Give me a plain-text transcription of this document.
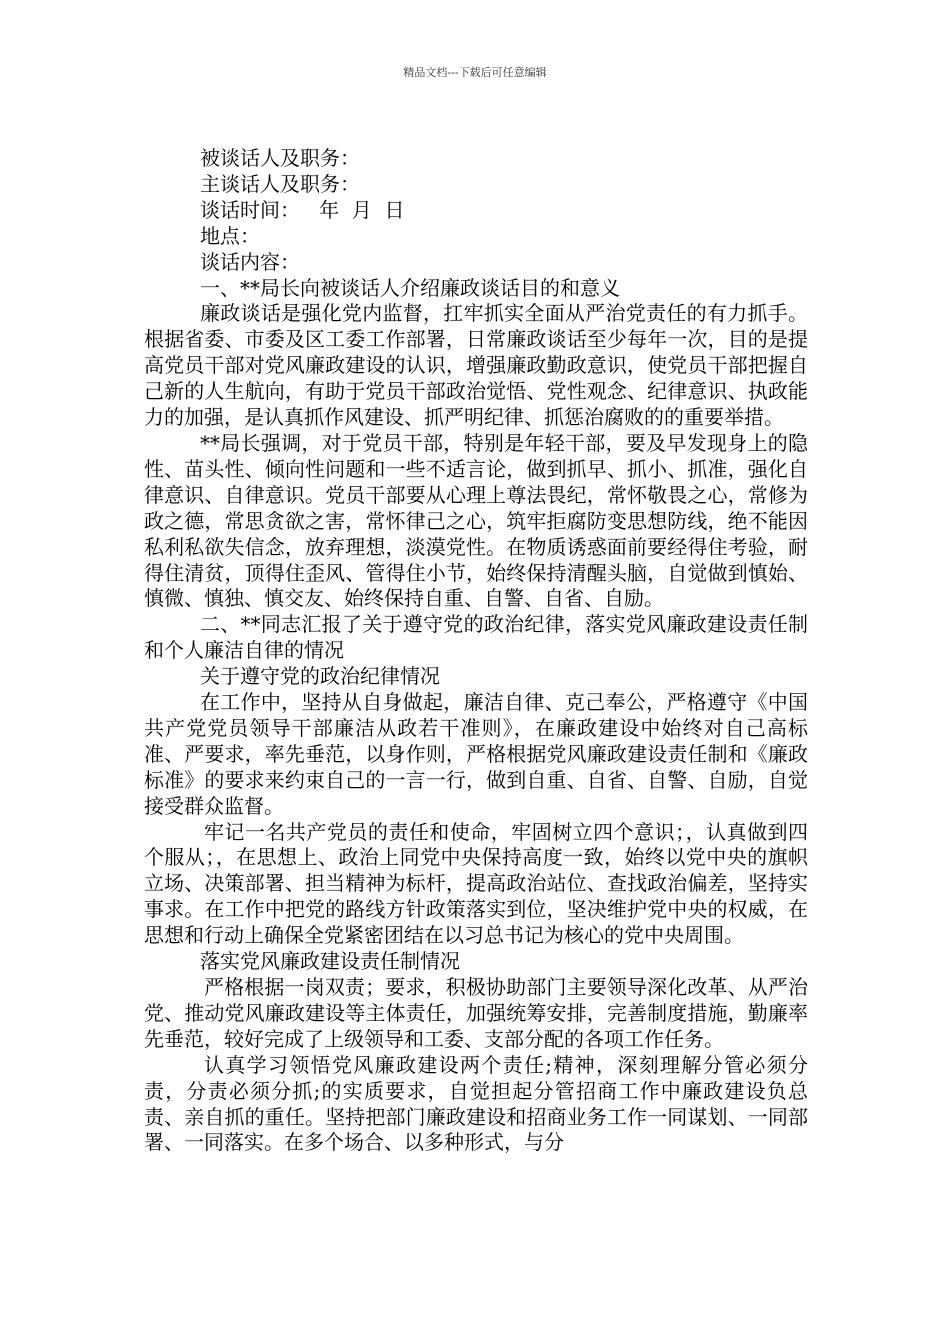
精品文档---下载后可任意编辑

被谈话人及职务：

主谈话人及职务：

谈话时间：   年  月  日

地点：

谈话内容：

一、**局长向被谈话人介绍廉政谈话目的和意义

廉政谈话是强化党内监督，扛牢抓实全面从严治党责任的有力抓手。根据省委、市委及区工委工作部署，日常廉政谈话至少每年一次，目的是提高党员干部对党风廉政建设的认识，增强廉政勤政意识，使党员干部把握自己新的人生航向，有助于党员干部政治觉悟、党性观念、纪律意识、执政能力的加强，是认真抓作风建设、抓严明纪律、抓惩治腐败的的重要举措。

**局长强调，对于党员干部，特别是年轻干部，要及早发现身上的隐性、苗头性、倾向性问题和一些不适言论，做到抓早、抓小、抓准，强化自律意识、自律意识。党员干部要从心理上尊法畏纪，常怀敬畏之心，常修为政之德，常思贪欲之害，常怀律己之心，筑牢拒腐防变思想防线，绝不能因私利私欲失信念，放弃理想，淡漠党性。在物质诱惑面前要经得住考验，耐得住清贫，顶得住歪风、管得住小节，始终保持清醒头脑，自觉做到慎始、慎微、慎独、慎交友、始终保持自重、自警、自省、自励。

二、**同志汇报了关于遵守党的政治纪律，落实党风廉政建设责任制和个人廉洁自律的情况

关于遵守党的政治纪律情况

在工作中，坚持从自身做起，廉洁自律、克己奉公，严格遵守《中国共产党党员领导干部廉洁从政若干准则》，在廉政建设中始终对自己高标准、严要求，率先垂范，以身作则，严格根据党风廉政建设责任制和《廉政标准》的要求来约束自己的一言一行，做到自重、自省、自警、自励，自觉接受群众监督。

牢记一名共产党员的责任和使命，牢固树立四个意识；，认真做到四个服从；，在思想上、政治上同党中央保持高度一致，始终以党中央的旗帜立场、决策部署、担当精神为标杆，提高政治站位、查找政治偏差，坚持实事求。在工作中把党的路线方针政策落实到位，坚决维护党中央的权威，在思想和行动上确保全党紧密团结在以习总书记为核心的党中央周围。

落实党风廉政建设责任制情况

严格根据一岗双责；要求，积极协助部门主要领导深化改革、从严治党、推动党风廉政建设等主体责任，加强统筹安排，完善制度措施，勤廉率先垂范，较好完成了上级领导和工委、支部分配的各项工作任务。

认真学习领悟党风廉政建设两个责任;精神，深刻理解分管必须分责，分责必须分抓;的实质要求，自觉担起分管招商工作中廉政建设负总责、亲自抓的重任。坚持把部门廉政建设和招商业务工作一同谋划、一同部署、一同落实。在多个场合、以多种形式，与分
